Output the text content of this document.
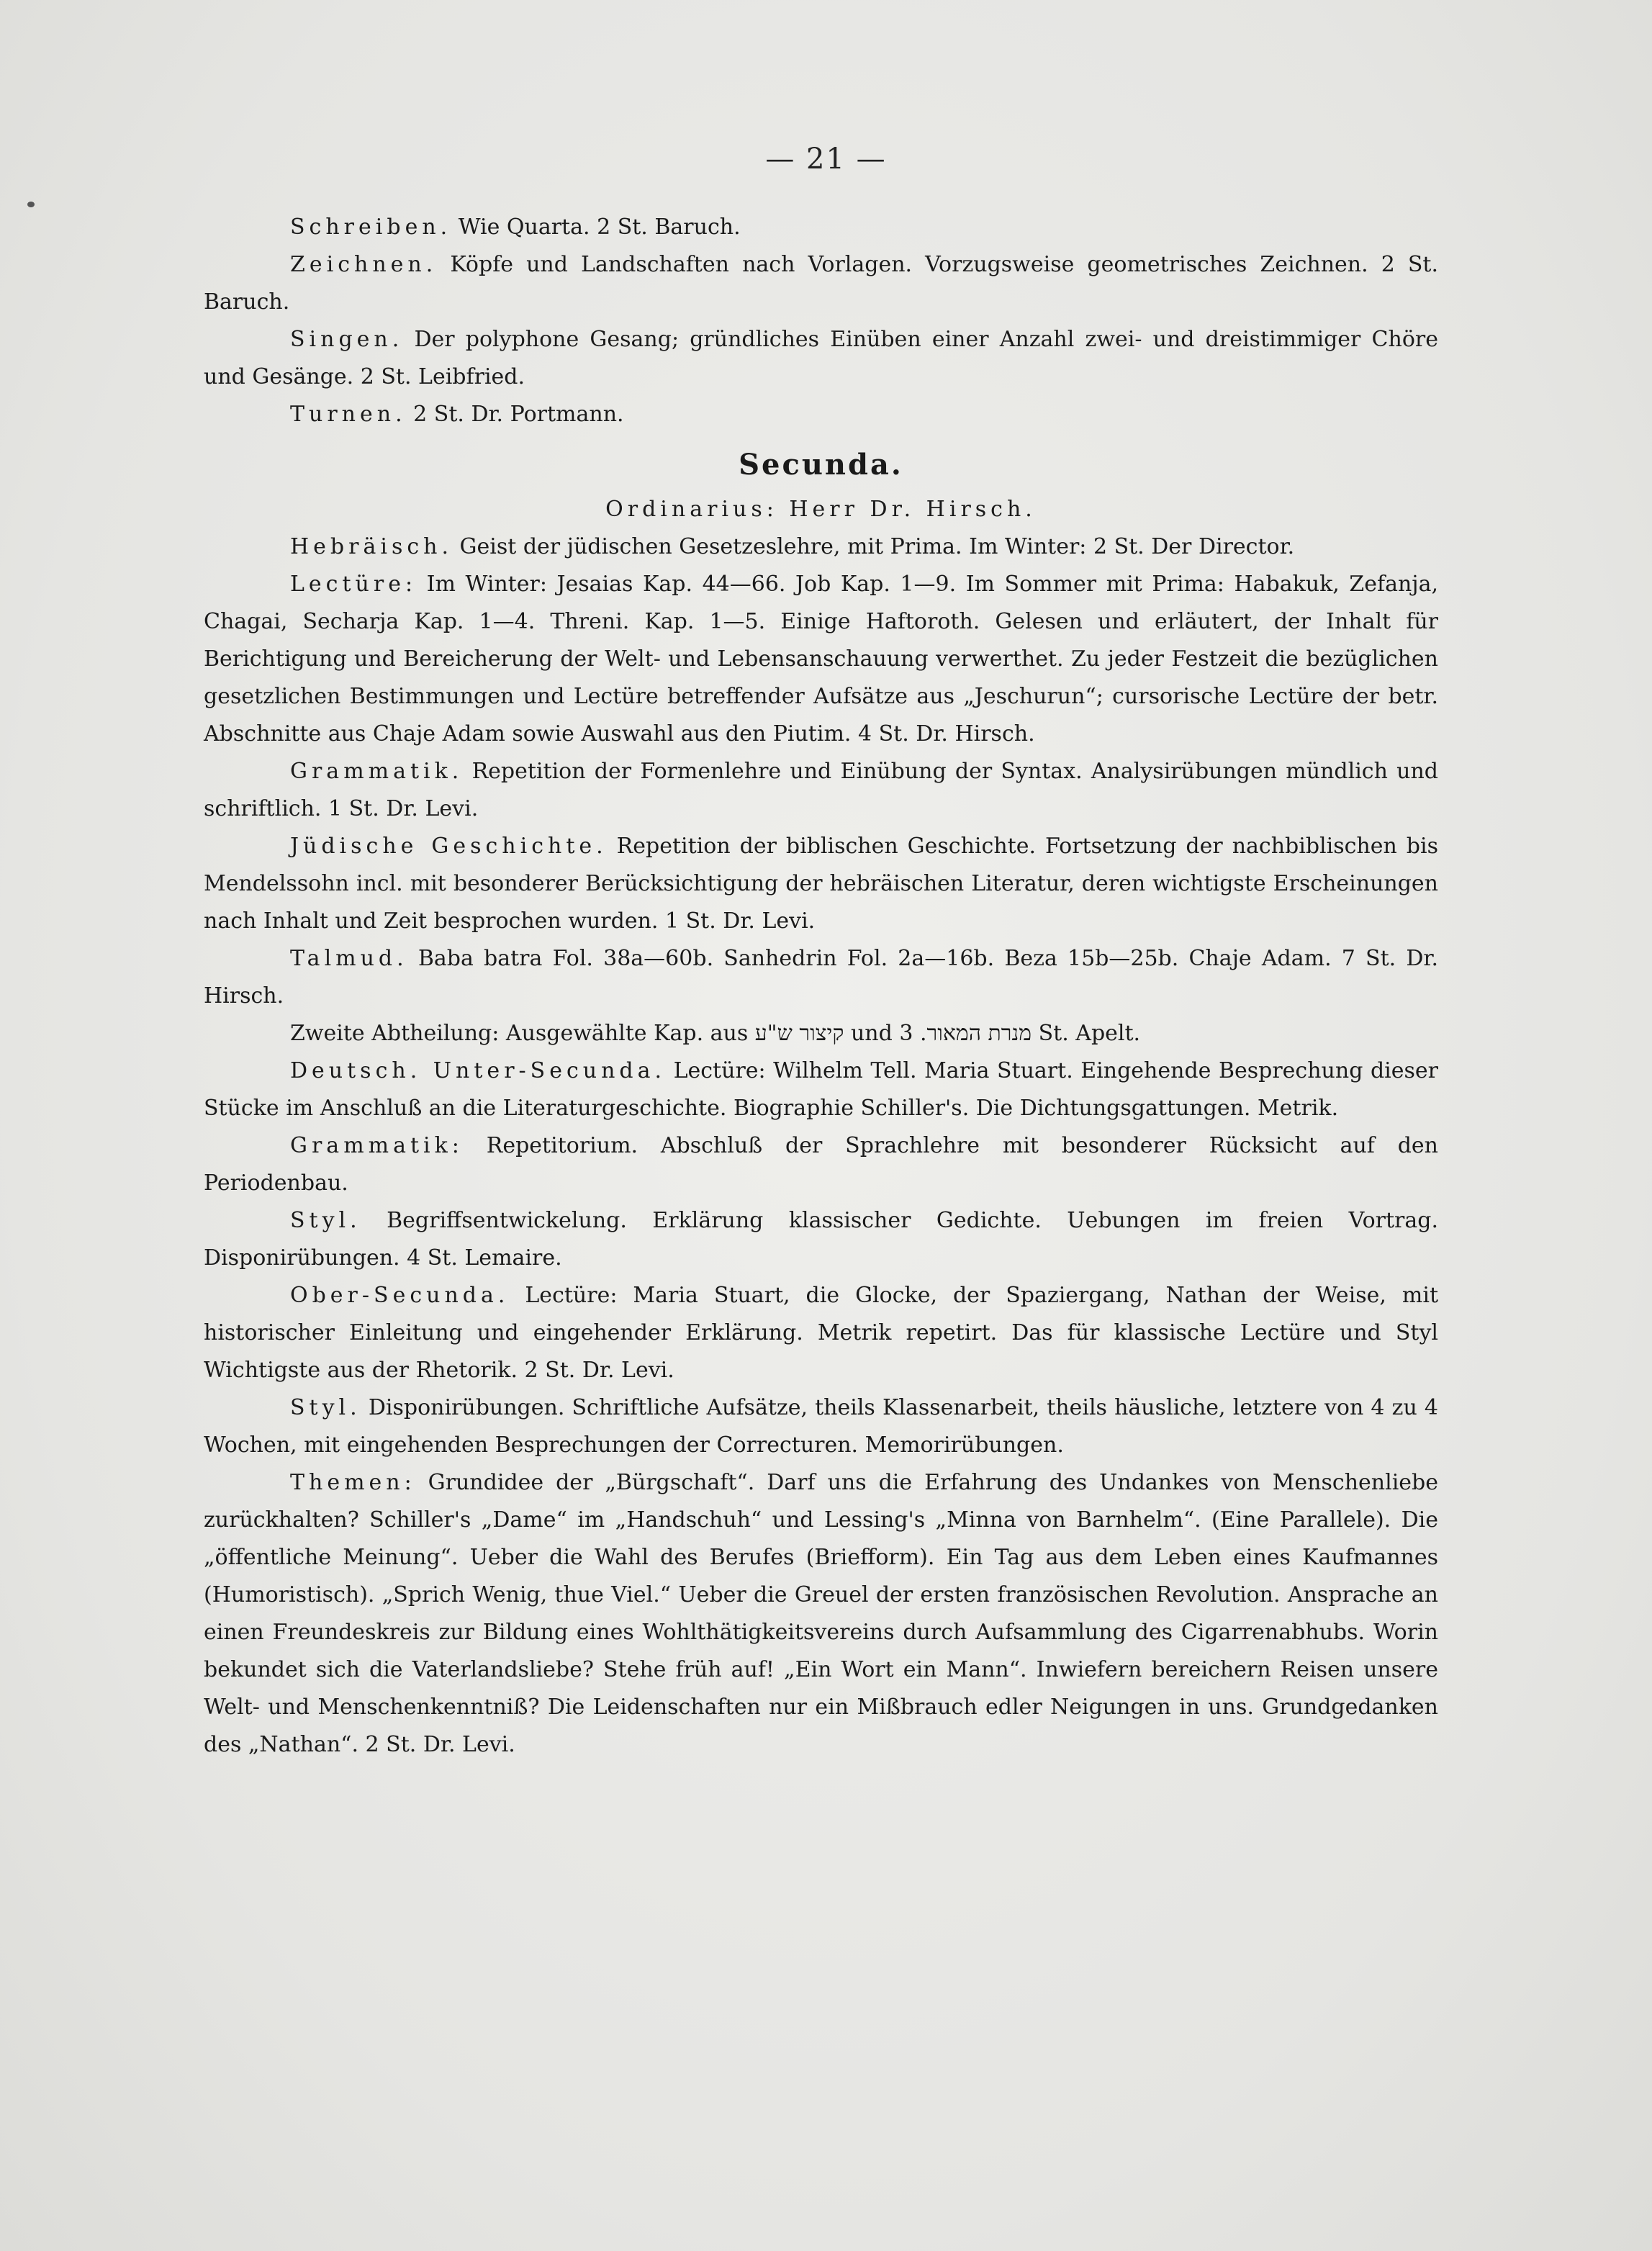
— 21 —

Schreiben. Wie Quarta. 2 St. Baruch.

Zeichnen. Köpfe und Landschaften nach Vorlagen. Vorzugsweise geometrisches Zeichnen. 2 St. Baruch.

Singen. Der polyphone Gesang; gründliches Einüben einer Anzahl zwei- und dreistimmiger Chöre und Gesänge. 2 St. Leibfried.

Turnen. 2 St. Dr. Portmann.

Secunda.

Ordinarius: Herr Dr. Hirsch.

Hebräisch. Geist der jüdischen Gesetzeslehre, mit Prima. Im Winter: 2 St. Der Director.

Lectüre: Im Winter: Jesaias Kap. 44—66. Job Kap. 1—9. Im Sommer mit Prima: Habakuk, Zefanja, Chagai, Secharja Kap. 1—4. Threni. Kap. 1—5. Einige Haftoroth. Gelesen und erläutert, der Inhalt für Berichtigung und Bereicherung der Welt- und Lebensanschauung verwerthet. Zu jeder Festzeit die bezüglichen gesetzlichen Bestimmungen und Lectüre betreffender Aufsätze aus „Jeschurun“; cursorische Lectüre der betr. Abschnitte aus Chaje Adam sowie Auswahl aus den Piutim. 4 St. Dr. Hirsch.

Grammatik. Repetition der Formenlehre und Einübung der Syntax. Analysirübungen mündlich und schriftlich. 1 St. Dr. Levi.

Jüdische Geschichte. Repetition der biblischen Geschichte. Fortsetzung der nachbiblischen bis Mendelssohn incl. mit besonderer Berücksichtigung der hebräischen Literatur, deren wichtigste Erscheinungen nach Inhalt und Zeit besprochen wurden. 1 St. Dr. Levi.

Talmud. Baba batra Fol. 38a—60b. Sanhedrin Fol. 2a—16b. Beza 15b—25b. Chaje Adam. 7 St. Dr. Hirsch.

Zweite Abtheilung: Ausgewählte Kap. aus קיצור ש"ע und מנרת המאור. 3 St. Apelt.

Deutsch. Unter-Secunda. Lectüre: Wilhelm Tell. Maria Stuart. Eingehende Besprechung dieser Stücke im Anschluß an die Literaturgeschichte. Biographie Schiller's. Die Dichtungsgattungen. Metrik.

Grammatik: Repetitorium. Abschluß der Sprachlehre mit besonderer Rücksicht auf den Periodenbau.

Styl. Begriffsentwickelung. Erklärung klassischer Gedichte. Uebungen im freien Vortrag. Disponirübungen. 4 St. Lemaire.

Ober-Secunda. Lectüre: Maria Stuart, die Glocke, der Spaziergang, Nathan der Weise, mit historischer Einleitung und eingehender Erklärung. Metrik repetirt. Das für klassische Lectüre und Styl Wichtigste aus der Rhetorik. 2 St. Dr. Levi.

Styl. Disponirübungen. Schriftliche Aufsätze, theils Klassenarbeit, theils häusliche, letztere von 4 zu 4 Wochen, mit eingehenden Besprechungen der Correcturen. Memorirübungen.

Themen: Grundidee der „Bürgschaft“. Darf uns die Erfahrung des Undankes von Menschenliebe zurückhalten? Schiller's „Dame“ im „Handschuh“ und Lessing's „Minna von Barnhelm“. (Eine Parallele). Die „öffentliche Meinung“. Ueber die Wahl des Berufes (Briefform). Ein Tag aus dem Leben eines Kaufmannes (Humoristisch). „Sprich Wenig, thue Viel.“ Ueber die Greuel der ersten französischen Revolution. Ansprache an einen Freundeskreis zur Bildung eines Wohlthätigkeitsvereins durch Aufsammlung des Cigarrenabhubs. Worin bekundet sich die Vaterlandsliebe? Stehe früh auf! „Ein Wort ein Mann“. Inwiefern bereichern Reisen unsere Welt- und Menschenkenntniß? Die Leidenschaften nur ein Mißbrauch edler Neigungen in uns. Grundgedanken des „Nathan“. 2 St. Dr. Levi.
